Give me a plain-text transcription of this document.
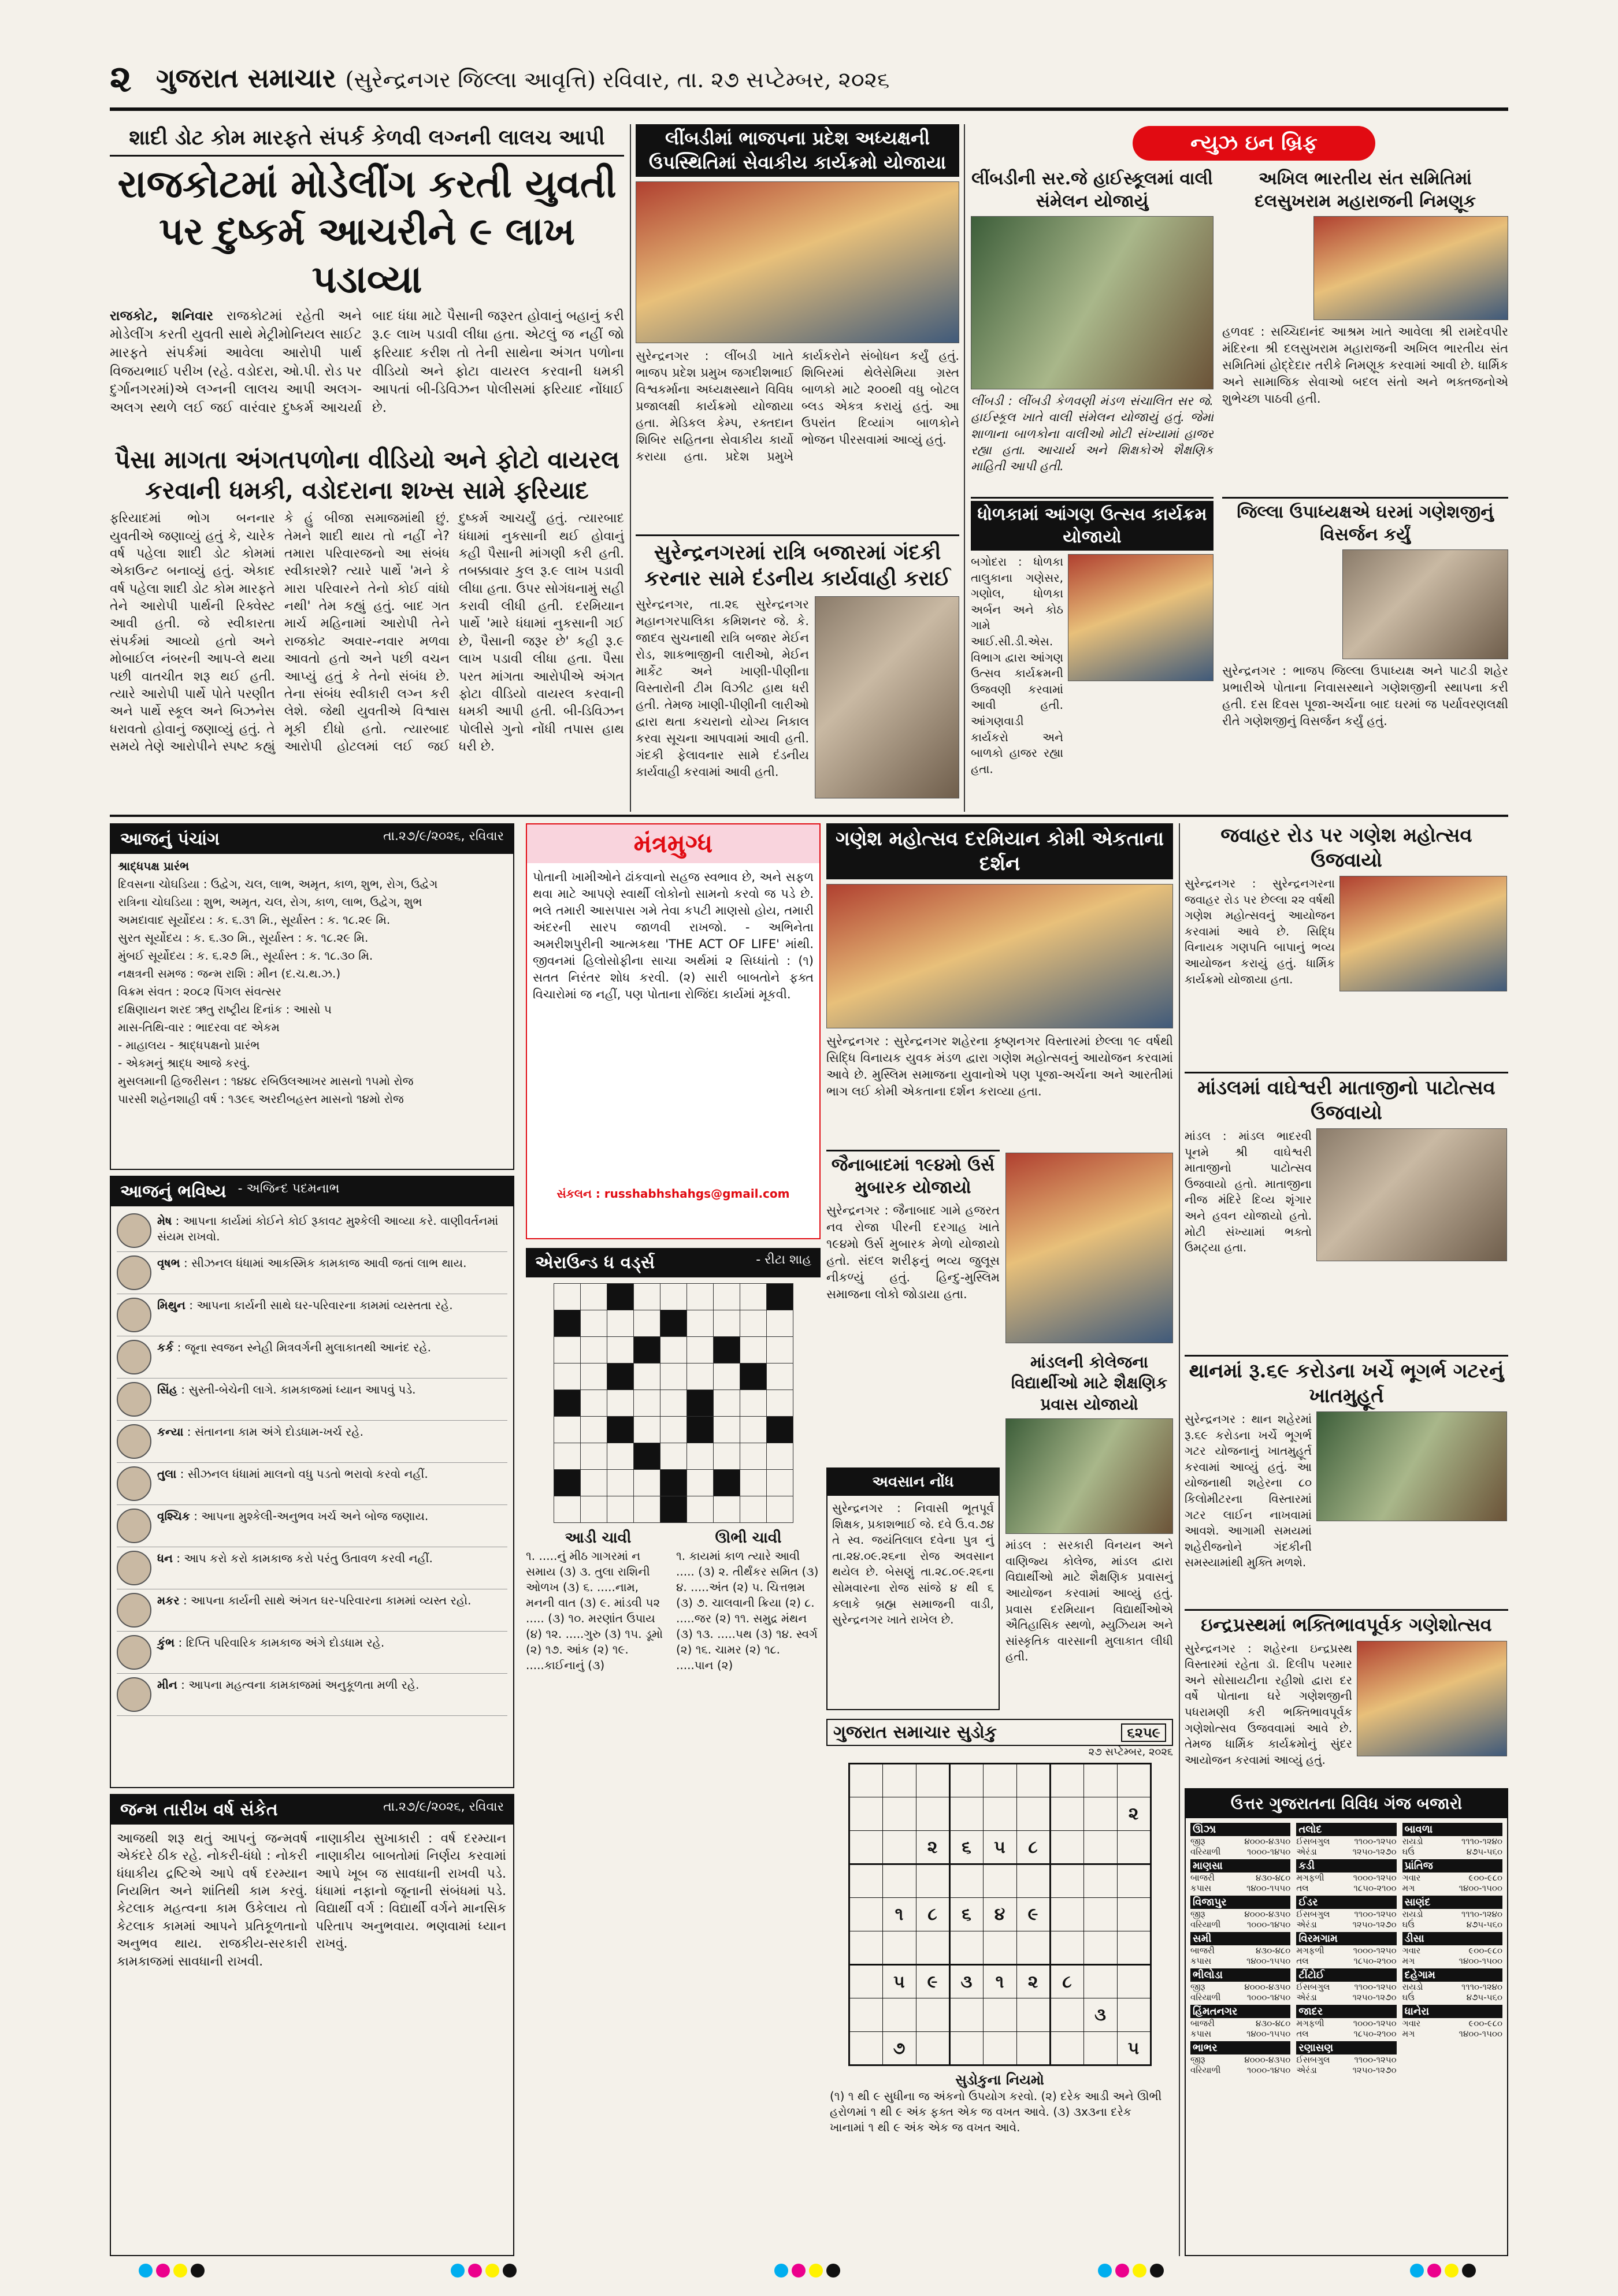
૨ ગુજરાત સમાચાર (સુરેન્દ્રનગર જિલ્લા આવૃત્તિ) રવિવાર, તા. ૨૭ સપ્ટેમ્બર, ૨૦૨૬
શાદી ડોટ કોમ મારફતે સંપર્ક કેળવી લગ્નની લાલચ આપી
રાજકોટમાં મોડેલીંગ કરતી યુવતી
પર દુષ્કર્મ આચરીને ૯ લાખ પડાવ્યા
રાજકોટ, શનિવાર રાજકોટમાં રહેતી અને મોડેલીંગ કરતી યુવતી સાથે મેટ્રીમોનિયલ સાઈટ મારફતે સંપર્કમાં આવેલા આરોપી પાર્થ વિજયભાઈ પરીખ (રહે. વડોદરા, ઓ.પી. રોડ પર દુર્ગાનગરમાં)એ લગ્નની લાલચ આપી અલગ-અલગ સ્થળે લઈ જઈ વારંવાર દુષ્કર્મ આચર્યા બાદ ધંધા માટે પૈસાની જરૂરત હોવાનું બહાનું કરી રૂ.૯ લાખ પડાવી લીધા હતા. એટલું જ નહીં જો ફરિયાદ કરીશ તો તેની સાથેના અંગત પળોના વીડિયો અને ફોટા વાયરલ કરવાની ધમકી આપતાં બી-ડિવિઝન પોલીસમાં ફરિયાદ નોંધાઈ છે.
પૈસા માગતા અંગતપળોના વીડિયો અને ફોટો વાયરલ
કરવાની ધમકી, વડોદરાના શખ્સ સામે ફરિયાદ
ફરિયાદમાં ભોગ બનનાર યુવતીએ જણાવ્યું હતું કે, ચારેક વર્ષ પહેલા શાદી ડોટ કોમમાં એકાઉન્ટ બનાવ્યું હતું. એકાદ વર્ષ પહેલા શાદી ડોટ કોમ મારફતે તેને આરોપી પાર્થની રિક્વેસ્ટ આવી હતી. જે સ્વીકારતા સંપર્કમાં આવ્યો હતો અને મોબાઈલ નંબરની આપ-લે થયા પછી વાતચીત શરૂ થઈ હતી. ત્યારે આરોપી પાર્થે પોતે પરણીત અને પાર્થે સ્કૂલ અને બિઝનેસ ધરાવતો હોવાનું જણાવ્યું હતું. તે સમયે તેણે આરોપીને સ્પષ્ટ કહ્યું કે હું બીજા સમાજમાંથી છું. તેમને શાદી થાય તો નહીં ને? તમારા પરિવારજનો આ સંબંધ સ્વીકારશે? ત્યારે પાર્થે 'મને કે મારા પરિવારને તેનો કોઈ વાંધો નથી' તેમ કહ્યું હતું. બાદ ગત માર્ચ મહિનામાં આરોપી તેને રાજકોટ અવાર-નવાર મળવા આવતો હતો અને પછી વચન આપ્યું હતું કે તેનો સંબંધ છે. તેના સંબંધ સ્વીકારી લગ્ન કરી લેશે. જેથી યુવતીએ વિશ્વાસ મૂકી દીધો હતો. ત્યારબાદ આરોપી હોટલમાં લઈ જઈ દુષ્કર્મ આચર્યું હતું. ત્યારબાદ ધંધામાં નુકસાની થઈ હોવાનું કહી પૈસાની માંગણી કરી હતી. તબક્કાવાર કુલ રૂ.૯ લાખ પડાવી લીધા હતા. ઉપર સોગંધનામું સહી કરાવી લીધી હતી. દરમિયાન પાર્થે 'મારે ધંધામાં નુકસાની ગઈ છે, પૈસાની જરૂર છે' કહી રૂ.૯ લાખ પડાવી લીધા હતા. પૈસા પરત માંગતા આરોપીએ અંગત ફોટા વીડિયો વાયરલ કરવાની ધમકી આપી હતી. બી-ડિવિઝન પોલીસે ગુનો નોંધી તપાસ હાથ ધરી છે.
લીંબડીમાં ભાજપના પ્રદેશ અધ્યક્ષની ઉપસ્થિતિમાં સેવાકીય કાર્યક્રમો યોજાયા
સુરેન્દ્રનગર : લીંબડી ખાતે ભાજપ પ્રદેશ પ્રમુખ જગદીશભાઈ વિશ્વકર્માના અધ્યક્ષસ્થાને વિવિધ પ્રજાલક્ષી કાર્યક્રમો યોજાયા હતા. મેડિકલ કેમ્પ, રક્તદાન શિબિર સહિતના સેવાકીય કાર્યો કરાયા હતા. પ્રદેશ પ્રમુખે કાર્યકરોને સંબોધન કર્યું હતું. શિબિરમાં થેલેસેમિયા ગ્રસ્ત બાળકો માટે ૨૦૦થી વધુ બોટલ બ્લડ એકત્ર કરાયું હતું. આ ઉપરાંત દિવ્યાંગ બાળકોને ભોજન પીરસવામાં આવ્યું હતું.
સુરેન્દ્રનગરમાં રાત્રિ બજારમાં ગંદકી કરનાર સામે દંડનીય કાર્યવાહી કરાઈ
સુરેન્દ્રનગર, તા.૨૬ સુરેન્દ્રનગર મહાનગરપાલિકા કમિશનર જે. કે. જાદવ સુચનાથી રાત્રિ બજાર મેઈન રોડ, શાકભાજીની લારીઓ, મેઈન માર્કેટ અને ખાણી-પીણીના વિસ્તારોની ટીમ વિઝીટ હાથ ધરી હતી. તેમજ ખાણી-પીણીની લારીઓ દ્વારા થતા કચરાનો યોગ્ય નિકાલ કરવા સૂચના આપવામાં આવી હતી. ગંદકી ફેલાવનાર સામે દંડનીય કાર્યવાહી કરવામાં આવી હતી.
ન્યુઝ ઇન બ્રિફ
લીંબડીની સર.જે હાઈસ્કૂલમાં વાલી સંમેલન યોજાયું
લીંબડી : લીંબડી કેળવણી મંડળ સંચાલિત સર જે. હાઈસ્કૂલ ખાતે વાલી સંમેલન યોજાયું હતું. જેમાં શાળાના બાળકોના વાલીઓ મોટી સંખ્યામાં હાજર રહ્યા હતા. આચાર્ય અને શિક્ષકોએ શૈક્ષણિક માહિતી આપી હતી.
અખિલ ભારતીય સંત સમિતિમાં દલસુખરામ મહારાજની નિમણૂક
હળવદ : સચ્ચિદાનંદ આશ્રમ ખાતે આવેલા શ્રી રામદેવપીર મંદિરના શ્રી દલસુખરામ મહારાજની અખિલ ભારતીય સંત સમિતિમાં હોદ્દેદાર તરીકે નિમણૂક કરવામાં આવી છે. ધાર્મિક અને સામાજિક સેવાઓ બદલ સંતો અને ભક્તજનોએ શુભેચ્છા પાઠવી હતી.
ધોળકામાં આંગણ ઉત્સવ કાર્યક્રમ યોજાયો
બગોદરા : ધોળકા તાલુકાના ગણેસર, ગણોલ, ધોળકા અર્બન અને કોઠ ગામે આઈ.સી.ડી.એસ. વિભાગ દ્વારા આંગણ ઉત્સવ કાર્યક્રમની ઉજવણી કરવામાં આવી હતી. આંગણવાડી કાર્યકરો અને બાળકો હાજર રહ્યા હતા.
જિલ્લા ઉપાધ્યક્ષએ ઘરમાં ગણેશજીનું વિસર્જન કર્યું
સુરેન્દ્રનગર : ભાજપ જિલ્લા ઉપાધ્યક્ષ અને પાટડી શહેર પ્રભારીએ પોતાના નિવાસસ્થાને ગણેશજીની સ્થાપના કરી હતી. દસ દિવસ પૂજા-અર્ચના બાદ ઘરમાં જ પર્યાવરણલક્ષી રીતે ગણેશજીનું વિસર્જન કર્યું હતું.
આજનું પંચાંગ	તા.૨૭/૯/૨૦૨૬, રવિવાર
શ્રાદ્ધપક્ષ પ્રારંભ
દિવસના ચોઘડિયા : ઉદ્વેગ, ચલ, લાભ, અમૃત, કાળ, શુભ, રોગ, ઉદ્વેગ
રાત્રિના ચોઘડિયા : શુભ, અમૃત, ચલ, રોગ, કાળ, લાભ, ઉદ્વેગ, શુભ
અમદાવાદ સૂર્યોદય : ક. ૬.૩૧ મિ., સૂર્યાસ્ત : ક. ૧૮.૨૯ મિ.
સુરત સૂર્યોદય : ક. ૬.૩૦ મિ., સૂર્યાસ્ત : ક. ૧૮.૨૯ મિ.
મુંબઈ સૂર્યોદય : ક. ૬.૨૭ મિ., સૂર્યાસ્ત : ક. ૧૮.૩૦ મિ.
નક્ષત્રની સમજ : જન્મ રાશિ : મીન (દ.ચ.થ.ઝ.)
વિક્રમ સંવત : ૨૦૮૨ પિંગલ સંવત્સર
દક્ષિણાયન શરદ ઋતુ રાષ્ટ્રીય દિનાંક : આસો ૫
માસ-તિથિ-વાર : ભાદરવા વદ એકમ
- માહાલય - શ્રાદ્ધપક્ષનો પ્રારંભ
- એકમનું શ્રાદ્ધ આજે કરવું.
મુસલમાની હિજરીસન : ૧૪૪૮ રબિઉલઆખર માસનો ૧૫મો રોજ
પારસી શહેનશાહી વર્ષ : ૧૩૯૬ અરદીબહસ્ત માસનો ૧૪મો રોજ
આજનું ભવિષ્ય - અજિન્દ પદમનાભ
મેષ : આપના કાર્યમાં કોઈને કોઈ રૂકાવટ મુશ્કેલી આવ્યા કરે. વાણીવર્તનમાં સંયમ રાખવો.
વૃષભ : સીઝનલ ધંધામાં આકસ્મિક કામકાજ આવી જતાં લાભ થાય.
મિથુન : આપના કાર્યની સાથે ઘર-પરિવારના કામમાં વ્યસ્તતા રહે.
કર્ક : જૂના સ્વજન સ્નેહી મિત્રવર્ગની મુલાકાતથી આનંદ રહે.
સિંહ : સુસ્તી-બેચેની લાગે. કામકાજમાં ધ્યાન આપવું પડે.
કન્યા : સંતાનના કામ અંગે દોડધામ-ખર્ચ રહે.
તુલા : સીઝનલ ધંધામાં માલનો વધુ પડતો ભરાવો કરવો નહીં.
વૃશ્ચિક : આપના મુશ્કેલી-અનુભવ ખર્ચ અને બોજ જણાય.
ધન : આપ કરો કરો કામકાજ કરો પરંતુ ઉતાવળ કરવી નહીં.
મકર : આપના કાર્યની સાથે અંગત ઘર-પરિવારના કામમાં વ્યસ્ત રહો.
કુંભ : દિપ્તિ પરિવારિક કામકાજ અંગે દોડધામ રહે.
મીન : આપના મહત્વના કામકાજમાં અનુકૂળતા મળી રહે.
જન્મ તારીખ વર્ષ સંકેત	તા.૨૭/૯/૨૦૨૬, રવિવાર
આજથી શરૂ થતું આપનું જન્મવર્ષ એકંદરે ઠીક રહે. નોકરી-ધંધો : નોકરી ધંધાકીય દ્રષ્ટિએ આપે વર્ષ દરમ્યાન નિયમિત અને શાંતિથી કામ કરવું. કેટલાક મહત્વના કામ ઉકેલાય તો કેટલાક કામમાં આપને પ્રતિકૂળતાનો અનુભવ થાય. રાજકીય-સરકારી કામકાજમાં સાવધાની રાખવી.
નાણાકીય સુખાકારી : વર્ષ દરમ્યાન નાણાકીય બાબતોમાં નિર્ણય કરવામાં આપે ખૂબ જ સાવધાની રાખવી પડે. ધંધામાં નફાનો જૂનાની સંબંધમાં પડે. વિદ્યાર્થી વર્ગ : વિદ્યાર્થી વર્ગને માનસિક પરિતાપ અનુભવાય. ભણવામાં ધ્યાન રાખવું.
મંત્રમુગ્ધ
પોતાની ખામીઓને ઢાંકવાનો સહજ સ્વભાવ છે, અને સફળ થવા માટે આપણે સ્વાર્થી લોકોનો સામનો કરવો જ પડે છે. ભલે તમારી આસપાસ ગમે તેવા કપટી માણસો હોય, તમારી અંદરની સારપ જાળવી રાખજો. - અભિનેતા અમરીશપુરીની આત્મકથા 'THE ACT OF LIFE' માંથી. જીવનમાં હિલોસોફીના સાચા અર્થમાં ૨ સિધ્ધાંતો : (૧) સતત નિરંતર શોધ કરવી. (૨) સારી બાબતોને ફક્ત વિચારોમાં જ નહીં, પણ પોતાના રોજિંદા કાર્યમાં મૂકવી.
સંકલન : russhabhshahgs@gmail.com
એરાઉન્ડ ધ વર્ડ્સ	- રીટા શાહ

આડી ચાવી
૧. .....નું મીઠ ગાગરમાં ન સમાય (૩) ૩. તુલા રાશિની ઓળખ (૩) ૬. .....નામ, મનની વાત (૩) ૯. માંડવી ૫૨ ..... (૩) ૧૦. મરણાંત ઉપાય (૪) ૧૨. .....ગુરુ (૩) ૧૫. ડૂમો (૨) ૧૭. આંક (૨) ૧૯. .....કાઈનાનું (૩)
ઊભી ચાવી
૧. કાયમાં કાળ ત્યારે આવી ..... (૩) ૨. તીર્થંકર સમિત (૩) ૪. .....અંત (૨) ૫. ચિત્તભ્રમ (૩) ૭. ચાલવાની ક્રિયા (૨) ૮. .....જર (૨) ૧૧. સમુદ્ર મંથન (૩) ૧૩. .....પથ (૩) ૧૪. સ્વર્ગ (૨) ૧૬. ચામર (૨) ૧૮. .....પાન (૨)
ગણેશ મહોત્સવ દરમિયાન કોમી એકતાના દર્શન
સુરેન્દ્રનગર : સુરેન્દ્રનગર શહેરના કૃષ્ણનગર વિસ્તારમાં છેલ્લા ૧૯ વર્ષથી સિદ્ધિ વિનાયક યુવક મંડળ દ્વારા ગણેશ મહોત્સવનું આયોજન કરવામાં આવે છે. મુસ્લિમ સમાજના યુવાનોએ પણ પૂજા-અર્ચના અને આરતીમાં ભાગ લઈ કોમી એકતાના દર્શન કરાવ્યા હતા.
જૈનાબાદમાં ૧૯૪મો ઉર્સ મુબારક યોજાયો
સુરેન્દ્રનગર : જૈનાબાદ ગામે હજરત નવ રોજા પીરની દરગાહ ખાતે ૧૯૪મો ઉર્સ મુબારક મેળો યોજાયો હતો. સંદલ શરીફનું ભવ્ય જુલૂસ નીકળ્યું હતું. હિન્દુ-મુસ્લિમ સમાજના લોકો જોડાયા હતા.
અવસાન નોંધ
સુરેન્દ્રનગર : નિવાસી ભૂતપૂર્વ શિક્ષક, પ્રકાશભાઈ જે. દવે ઉ.વ.૭૪ તે સ્વ. જયંતિલાલ દવેના પુત્ર નું તા.૨૪.૦૯.૨૬ના રોજ અવસાન થયેલ છે. બેસણું તા.૨૮.૦૯.૨૬ના સોમવારના રોજ સાંજે ૪ થી ૬ કલાકે બ્રહ્મ સમાજની વાડી, સુરેન્દ્રનગર ખાતે રાખેલ છે.
માંડલની કોલેજના વિદ્યાર્થીઓ માટે શૈક્ષણિક પ્રવાસ યોજાયો
માંડલ : સરકારી વિનયન અને વાણિજ્ય કોલેજ, માંડલ દ્વારા વિદ્યાર્થીઓ માટે શૈક્ષણિક પ્રવાસનું આયોજન કરવામાં આવ્યું હતું. પ્રવાસ દરમિયાન વિદ્યાર્થીઓએ ઐતિહાસિક સ્થળો, મ્યુઝિયમ અને સાંસ્કૃતિક વારસાની મુલાકાત લીધી હતી.
ગુજરાત સમાચાર સુડોકુ	૬૨૫૯
૨૭ સપ્ટેમ્બર, ૨૦૨૬

								૨
		૨	૬	૫	૮			

	૧	૮	૬	૪	૯			

	૫	૯	૩	૧	૨	૮		
							૩	
	૭							૫
સુડોકુના નિયમો
(૧) ૧ થી ૯ સુધીના જ અંકનો ઉપયોગ કરવો. (૨) દરેક આડી અને ઊભી હરોળમાં ૧ થી ૯ અંક ફક્ત એક જ વખત આવે. (૩) ૩x૩ના દરેક ખાનામાં ૧ થી ૯ અંક એક જ વખત આવે.
જવાહર રોડ પર ગણેશ મહોત્સવ ઉજવાયો
સુરેન્દ્રનગર : સુરેન્દ્રનગરના જવાહર રોડ પર છેલ્લા ૨૨ વર્ષથી ગણેશ મહોત્સવનું આયોજન કરવામાં આવે છે. સિદ્ધિ વિનાયક ગણપતિ બાપાનું ભવ્ય આયોજન કરાયું હતું. ધાર્મિક કાર્યક્રમો યોજાયા હતા.
માંડલમાં વાઘેશ્વરી માતાજીનો પાટોત્સવ ઉજવાયો
માંડલ : માંડલ ભાદરવી પૂનમે શ્રી વાઘેશ્વરી માતાજીનો પાટોત્સવ ઉજવાયો હતો. માતાજીના નીજ મંદિરે દિવ્ય શૃંગાર અને હવન યોજાયો હતો. મોટી સંખ્યામાં ભક્તો ઉમટ્યા હતા.
થાનમાં રૂ.૬૯ કરોડના ખર્ચે ભૂગર્ભ ગટરનું ખાતમુહૂર્ત
સુરેન્દ્રનગર : થાન શહેરમાં રૂ.૬૯ કરોડના ખર્ચે ભૂગર્ભ ગટર યોજનાનું ખાતમુહૂર્ત કરવામાં આવ્યું હતું. આ યોજનાથી શહેરના ૮૦ કિલોમીટરના વિસ્તારમાં ગટર લાઈન નાખવામાં આવશે. આગામી સમયમાં શહેરીજનોને ગંદકીની સમસ્યામાંથી મુક્તિ મળશે.
ઇન્દ્રપ્રસ્થમાં ભક્તિભાવપૂર્વક ગણેશોત્સવ
સુરેન્દ્રનગર : શહેરના ઇન્દ્રપ્રસ્થ વિસ્તારમાં રહેતા ડૉ. દિલીપ પરમાર અને સોસાયટીના રહીશો દ્વારા દર વર્ષે પોતાના ઘરે ગણેશજીની પધરામણી કરી ભક્તિભાવપૂર્વક ગણેશોત્સવ ઉજવવામાં આવે છે. તેમજ ધાર્મિક કાર્યક્રમોનું સુંદર આયોજન કરવામાં આવ્યું હતું.
ઉત્તર ગુજરાતના વિવિધ ગંજ બજારો
ઊંઝા
જીરૂ	૪૦૦૦-૪૩૫૦
વરિયાળી	૧૦૦૦-૧૪૫૦
તલોદ
ઈસબગુલ	૧૧૦૦-૧૨૫૦
એરંડા	૧૨૫૦-૧૨૭૦
બાવળા
રાયડો	૧૧૧૦-૧૨૪૦
ઘઉં	૪૭૫-૫૬૦
માણસા
બાજરી	૪૩૦-૪૮૦
કપાસ	૧૪૦૦-૧૫૫૦
કડી
મગફળી	૧૦૦૦-૧૨૫૦
તલ	૧૮૫૦-૨૧૦૦
પ્રાંતિજ
ગવાર	૯૦૦-૯૮૦
મગ	૧૪૦૦-૧૫૦૦
વિજાપુર
જીરૂ	૪૦૦૦-૪૩૫૦
વરિયાળી	૧૦૦૦-૧૪૫૦
ઈડર
ઈસબગુલ	૧૧૦૦-૧૨૫૦
એરંડા	૧૨૫૦-૧૨૭૦
સાણંદ
રાયડો	૧૧૧૦-૧૨૪૦
ઘઉં	૪૭૫-૫૬૦
સમી
બાજરી	૪૩૦-૪૮૦
કપાસ	૧૪૦૦-૧૫૫૦
વિરમગામ
મગફળી	૧૦૦૦-૧૨૫૦
તલ	૧૮૫૦-૨૧૦૦
ડીસા
ગવાર	૯૦૦-૯૮૦
મગ	૧૪૦૦-૧૫૦૦
ભીલોડા
જીરૂ	૪૦૦૦-૪૩૫૦
વરિયાળી	૧૦૦૦-૧૪૫૦
ટીંટોઈ
ઈસબગુલ	૧૧૦૦-૧૨૫૦
એરંડા	૧૨૫૦-૧૨૭૦
દહેગામ
રાયડો	૧૧૧૦-૧૨૪૦
ઘઉં	૪૭૫-૫૬૦
હિંમતનગર
બાજરી	૪૩૦-૪૮૦
કપાસ	૧૪૦૦-૧૫૫૦
જાદર
મગફળી	૧૦૦૦-૧૨૫૦
તલ	૧૮૫૦-૨૧૦૦
ધાનેરા
ગવાર	૯૦૦-૯૮૦
મગ	૧૪૦૦-૧૫૦૦
ભાભર
જીરૂ	૪૦૦૦-૪૩૫૦
વરિયાળી	૧૦૦૦-૧૪૫૦
રણાસણ
ઈસબગુલ	૧૧૦૦-૧૨૫૦
એરંડા	૧૨૫૦-૧૨૭૦
